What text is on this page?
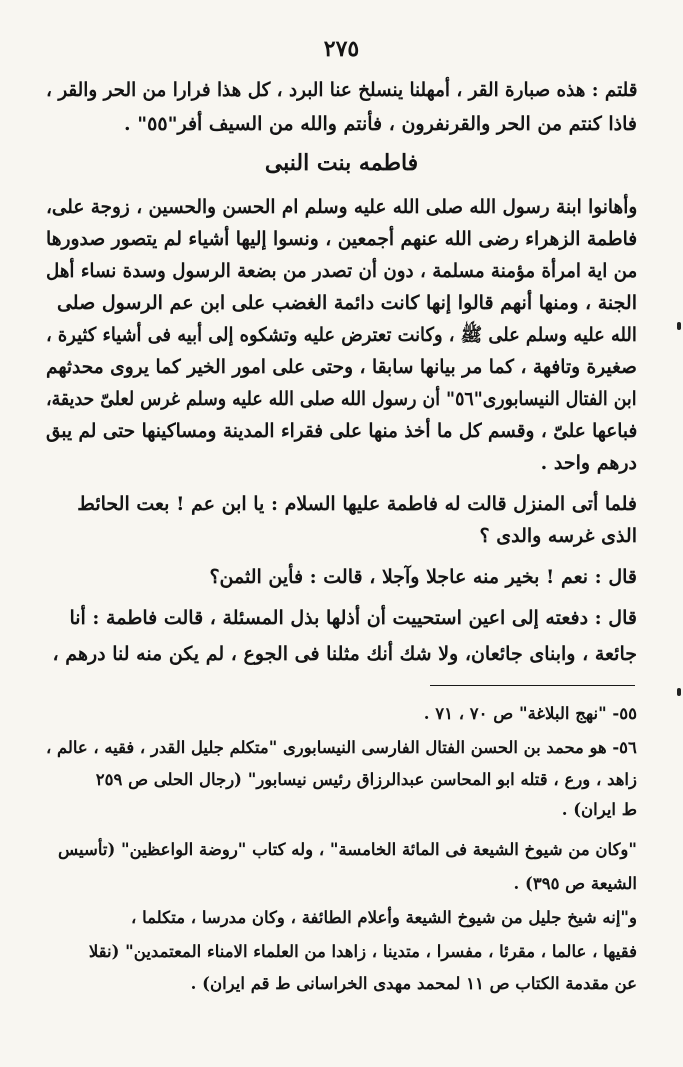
٢٧٥
قلتم : هذه صبارة القر ، أمهلنا ينسلخ عنا البرد ، كل هذا فرارا من الحر والقر ،
فاذا كنتم من الحر والقرنفرون ، فأنتم والله من السيف أفر"٥٥" .
فاطمه بنت النبى
وأهانوا ابنة رسول الله صلى الله عليه وسلم ام الحسن والحسين ، زوجة على،
فاطمة الزهراء رضى الله عنهم أجمعين ، ونسوا إليها أشياء لم يتصور صدورها
من اية امرأة مؤمنة مسلمة ، دون أن تصدر من بضعة الرسول وسدة نساء أهل
الجنة ، ومنها أنهم قالوا إنها كانت دائمة الغضب على ابن عم الرسول صلى
الله عليه وسلم على ﷺ ، وكانت تعترض عليه وتشكوه إلى أبيه فى أشياء كثيرة ،
صغيرة وتافهة ، كما مر بيانها سابقا ، وحتى على امور الخير كما يروى محدثهم
ابن الفتال النيسابورى"٥٦" أن رسول الله صلى الله عليه وسلم غرس لعلىّ حديقة،
فباعها علىّ ، وقسم كل ما أخذ منها على فقراء المدينة ومساكينها حتى لم يبق
درهم واحد .
فلما أتى المنزل قالت له فاطمة عليها السلام : يا ابن عم ! بعت الحائط
الذى غرسه والدى ؟
قال : نعم ! بخير منه عاجلا وآجلا ، قالت : فأين الثمن؟
قال : دفعته إلى اعين استحييت أن أذلها بذل المسئلة ، قالت فاطمة : أنا
جائعة ، وابناى جائعان، ولا شك أنك مثلنا فى الجوع ، لم يكن منه لنا درهم ،
٥٥- "نهج البلاغة" ص ٧٠ ، ٧١ .
٥٦- هو محمد بن الحسن الفتال الفارسى النيسابورى "متكلم جليل القدر ، فقيه ، عالم ،
زاهد ، ورع ، قتله ابو المحاسن عبدالرزاق رئيس نيسابور" (رجال الحلى ص ٢٥٩
ط ايران) .
"وكان من شيوخ الشيعة فى المائة الخامسة" ، وله كتاب "روضة الواعظين" (تأسيس
الشيعة ص ٣٩٥) .
و"إنه شيخ جليل من شيوخ الشيعة وأعلام الطائفة ، وكان مدرسا ، متكلما ،
فقيها ، عالما ، مقرئا ، مفسرا ، متدينا ، زاهدا من العلماء الامناء المعتمدين" (نقلا
عن مقدمة الكتاب ص ١١ لمحمد مهدى الخراسانى ط قم ايران) .
